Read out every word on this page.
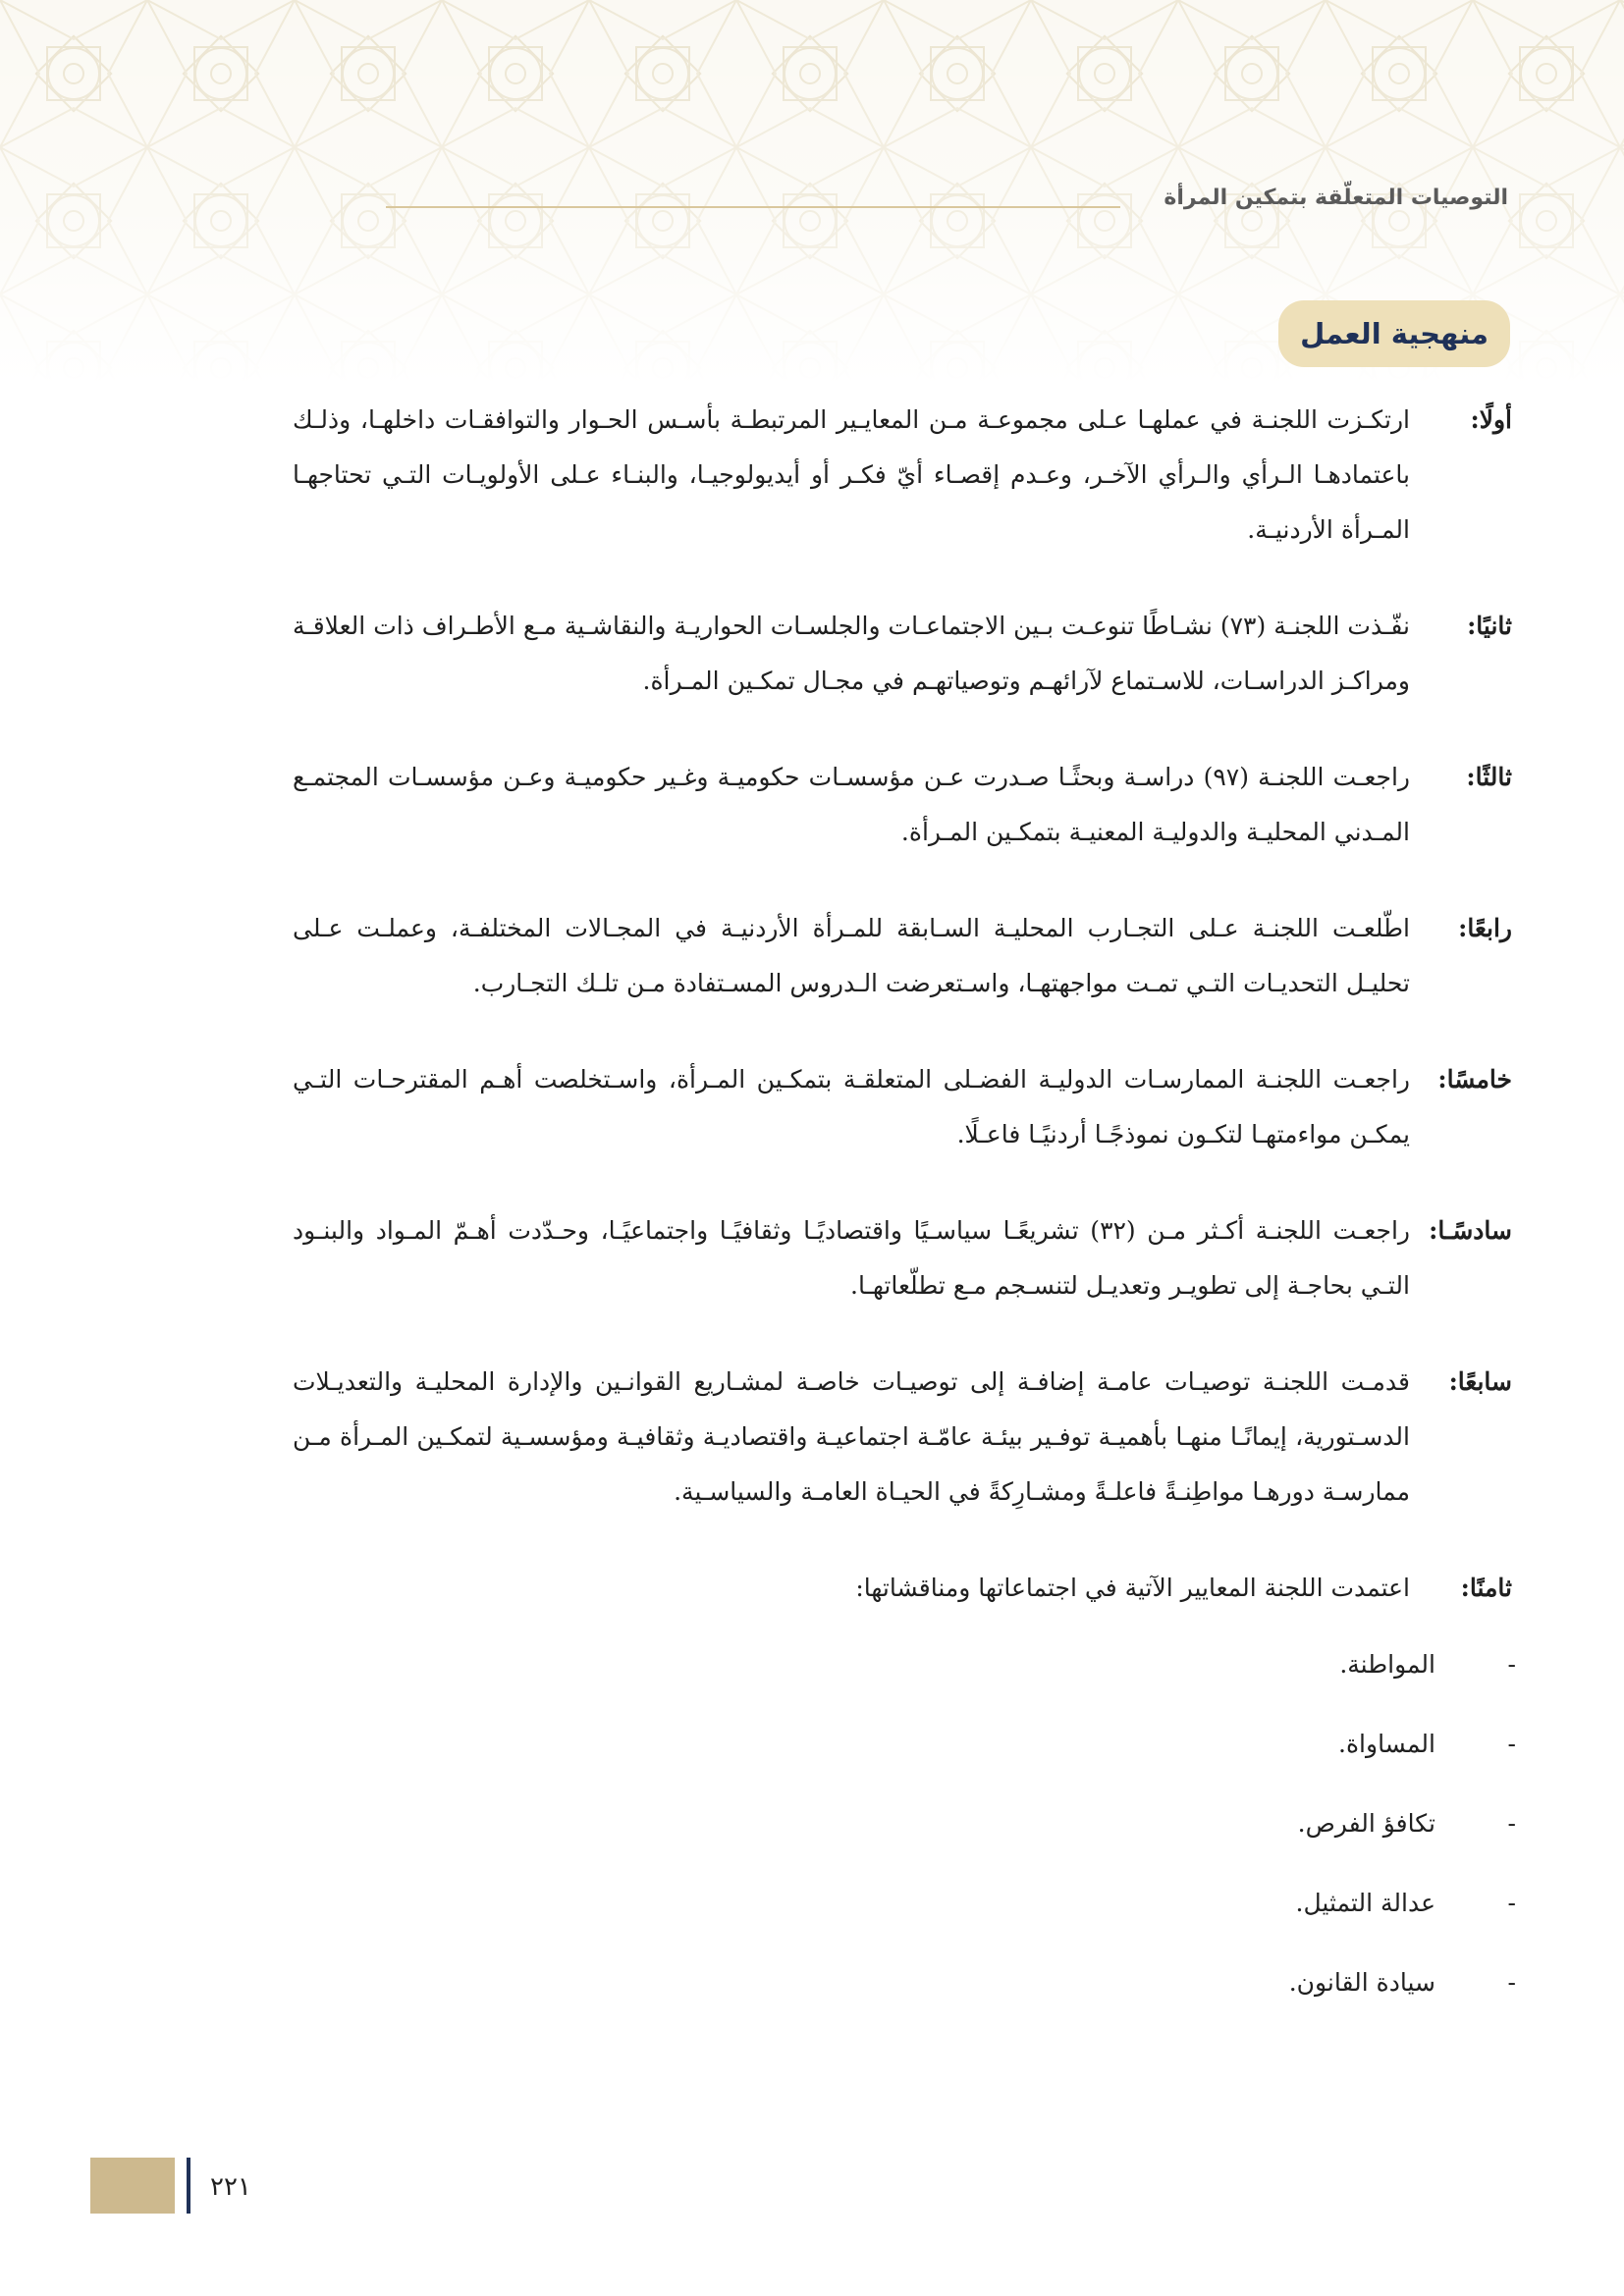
التوصيات المتعلّقة بتمكين المرأة
منهجية العمل
أولًا:
ارتكـزت اللجنـة في عملهـا عـلى مجموعـة مـن المعايـير المرتبطـة بأسـس الحـوار والتوافقـات داخلهـا، وذلـك باعتمادهـا الـرأي والـرأي الآخـر، وعـدم إقصـاء أيّ فكـر أو أيديولوجيـا، والبنـاء عـلى الأولويـات التـي تحتاجهـا المـرأة الأردنيـة.
ثانيًا:
نفّـذت اللجنـة (٧٣) نشـاطًا تنوعـت بـين الاجتماعـات والجلسـات الحواريـة والنقاشـية مـع الأطـراف ذات العلاقـة ومراكـز الدراسـات، للاسـتماع لآرائهـم وتوصياتهـم في مجـال تمكـين المـرأة.
ثالثًا:
راجعـت اللجنـة (٩٧) دراسـة وبحثًـا صـدرت عـن مؤسسـات حكوميـة وغـير حكوميـة وعـن مؤسسـات المجتمـع المـدني المحليـة والدوليـة المعنيـة بتمكـين المـرأة.
رابعًا:
اطّلعـت اللجنـة عـلى التجـارب المحليـة السـابقة للمـرأة الأردنيـة في المجـالات المختلفـة، وعملـت عـلى تحليـل التحديـات التـي تمـت مواجهتهـا، واسـتعرضت الـدروس المسـتفادة مـن تلـك التجـارب.
خامسًا:
راجعـت اللجنـة الممارسـات الدوليـة الفضـلى المتعلقـة بتمكـين المـرأة، واسـتخلصت أهـم المقترحـات التـي يمكـن مواءمتهـا لتكـون نموذجًـا أردنيًـا فاعـلًا.
سادسًـا:
راجعـت اللجنـة أكـثر مـن (٣٢) تشريعًـا سياسـيًا واقتصاديًـا وثقافيًـا واجتماعيًـا، وحـدّدت أهـمّ المـواد والبنـود التـي بحاجـة إلى تطويـر وتعديـل لتنسـجم مـع تطلّعاتهـا.
سابعًا:
قدمـت اللجنـة توصيـات عامـة إضافـة إلى توصيـات خاصـة لمشـاريع القوانـين والإدارة المحليـة والتعديـلات الدسـتورية، إيمانًـا منهـا بأهميـة توفـير بيئـة عامّـة اجتماعيـة واقتصاديـة وثقافيـة ومؤسسـية لتمكـين المـرأة مـن ممارسـة دورهـا مواطِنـةً فاعلـةً ومشـارِكةً في الحيـاة العامـة والسياسـية.
ثامنًا:
اعتمدت اللجنة المعايير الآتية في اجتماعاتها ومناقشاتها:
-
المواطنة.
-
المساواة.
-
تكافؤ الفرص.
-
عدالة التمثيل.
-
سيادة القانون.
٢٢١
